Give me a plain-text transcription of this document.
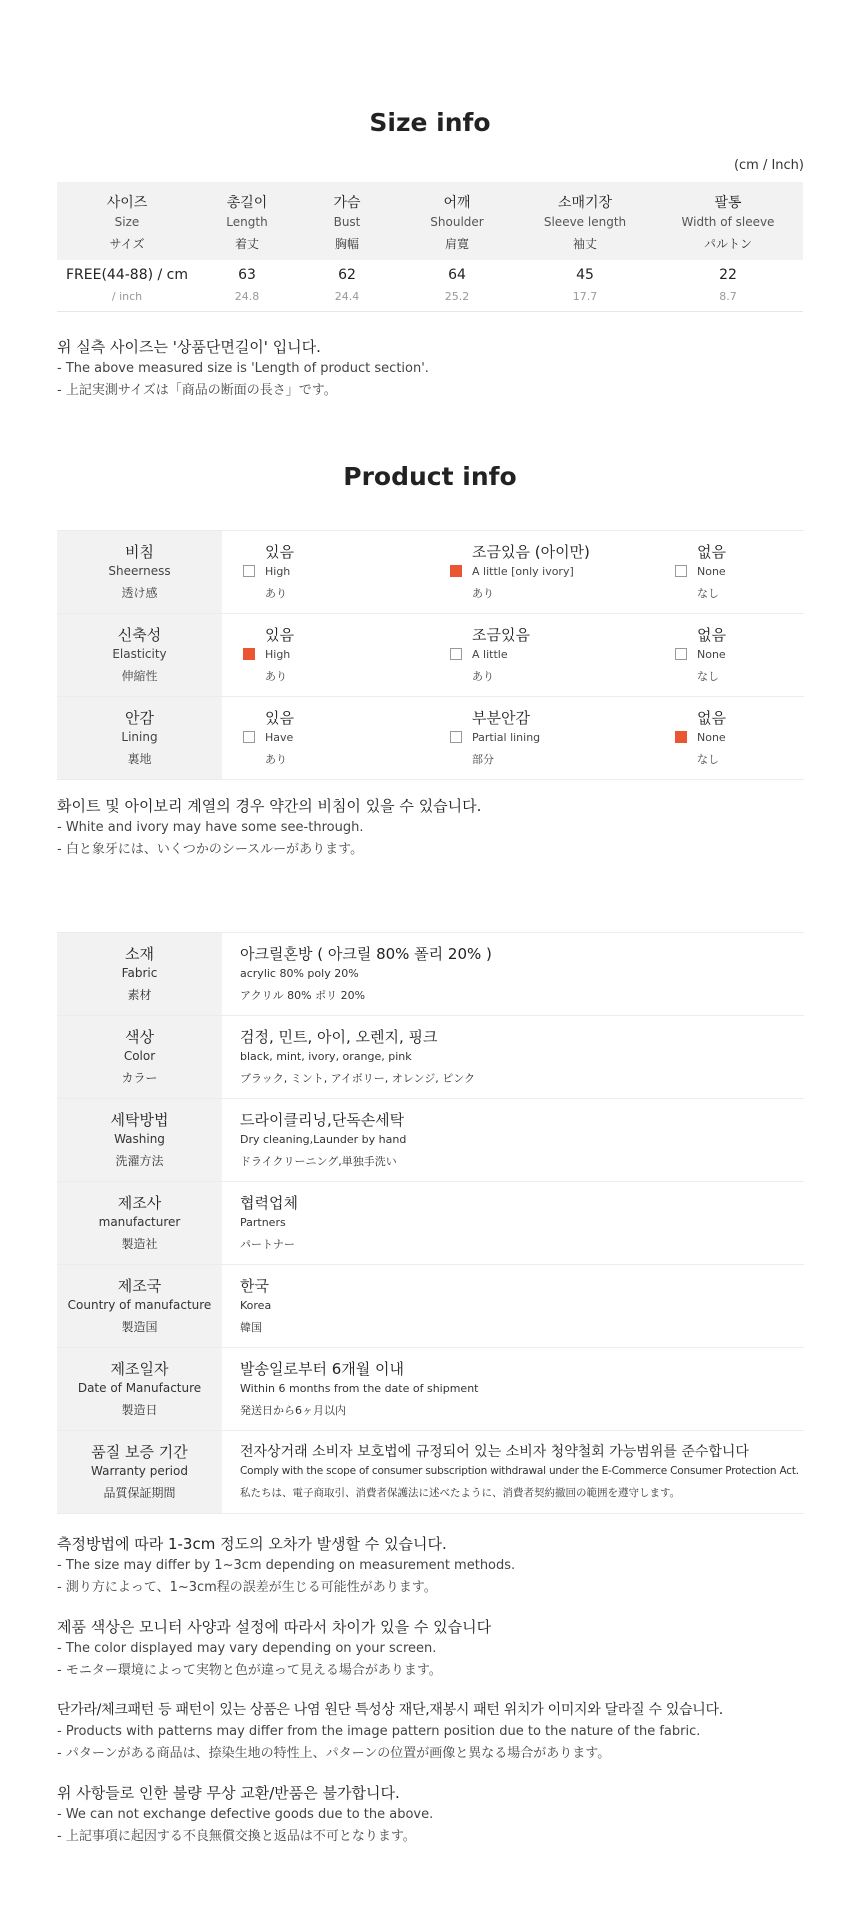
Size info
(cm / Inch)
사이즈
Size
サイズ
총길이
Length
着丈
가슴
Bust
胸幅
어깨
Shoulder
肩寛
소매기장
Sleeve length
袖丈
팔통
Width of sleeve
パルトン
FREE(44-88) / cm
/ inch
63
24.8
62
24.4
64
25.2
45
17.7
22
8.7
위 실측 사이즈는 '상품단면길이' 입니다.
- The above measured size is 'Length of product section'.
- 上記実測サイズは「商品の断面の長さ」です。
Product info
비침
Sheerness
透け感
있음
High
あり
조금있음 (아이만)
A little [only ivory]
あり
없음
None
なし
신축성
Elasticity
伸縮性
있음
High
あり
조금있음
A little
あり
없음
None
なし
안감
Lining
裏地
있음
Have
あり
부분안감
Partial lining
部分
없음
None
なし
화이트 및 아이보리 계열의 경우 약간의 비침이 있을 수 있습니다.
- White and ivory may have some see-through.
- 白と象牙には、いくつかのシースルーがあります。
소재
Fabric
素材
아크릴혼방 ( 아크릴 80% 폴리 20% )
acrylic 80% poly 20%
アクリル 80% ポリ 20%
색상
Color
カラー
검정, 민트, 아이, 오렌지, 핑크
black, mint, ivory, orange, pink
ブラック, ミント, アイボリー, オレンジ, ピンク
세탁방법
Washing
洗濯方法
드라이클리닝,단독손세탁
Dry cleaning,Launder by hand
ドライクリーニング,単独手洗い
제조사
manufacturer
製造社
협력업체
Partners
パートナー
제조국
Country of manufacture
製造国
한국
Korea
韓国
제조일자
Date of Manufacture
製造日
발송일로부터 6개월 이내
Within 6 months from the date of shipment
発送日から6ヶ月以内
품질 보증 기간
Warranty period
品質保証期間
전자상거래 소비자 보호법에 규정되어 있는 소비자 청약철회 가능범위를 준수합니다
Comply with the scope of consumer subscription withdrawal under the E-Commerce Consumer Protection Act.
私たちは、電子商取引、消費者保護法に述べたように、消費者契約撤回の範囲を遵守します。
측정방법에 따라 1-3cm 정도의 오차가 발생할 수 있습니다.
- The size may differ by 1~3cm depending on measurement methods.
- 測り方によって、1~3cm程の誤差が生じる可能性があります。
제품 색상은 모니터 사양과 설정에 따라서 차이가 있을 수 있습니다
- The color displayed may vary depending on your screen.
- モニター環境によって実物と色が違って見える場合があります。
단가라/체크패턴 등 패턴이 있는 상품은 나염 원단 특성상 재단,재봉시 패턴 위치가 이미지와 달라질 수 있습니다.
- Products with patterns may differ from the image pattern position due to the nature of the fabric.
- パターンがある商品は、捺染生地の特性上、パターンの位置が画像と異なる場合があります。
위 사항들로 인한 불량 무상 교환/반품은 불가합니다.
- We can not exchange defective goods due to the above.
- 上記事項に起因する不良無償交換と返品は不可となります。
